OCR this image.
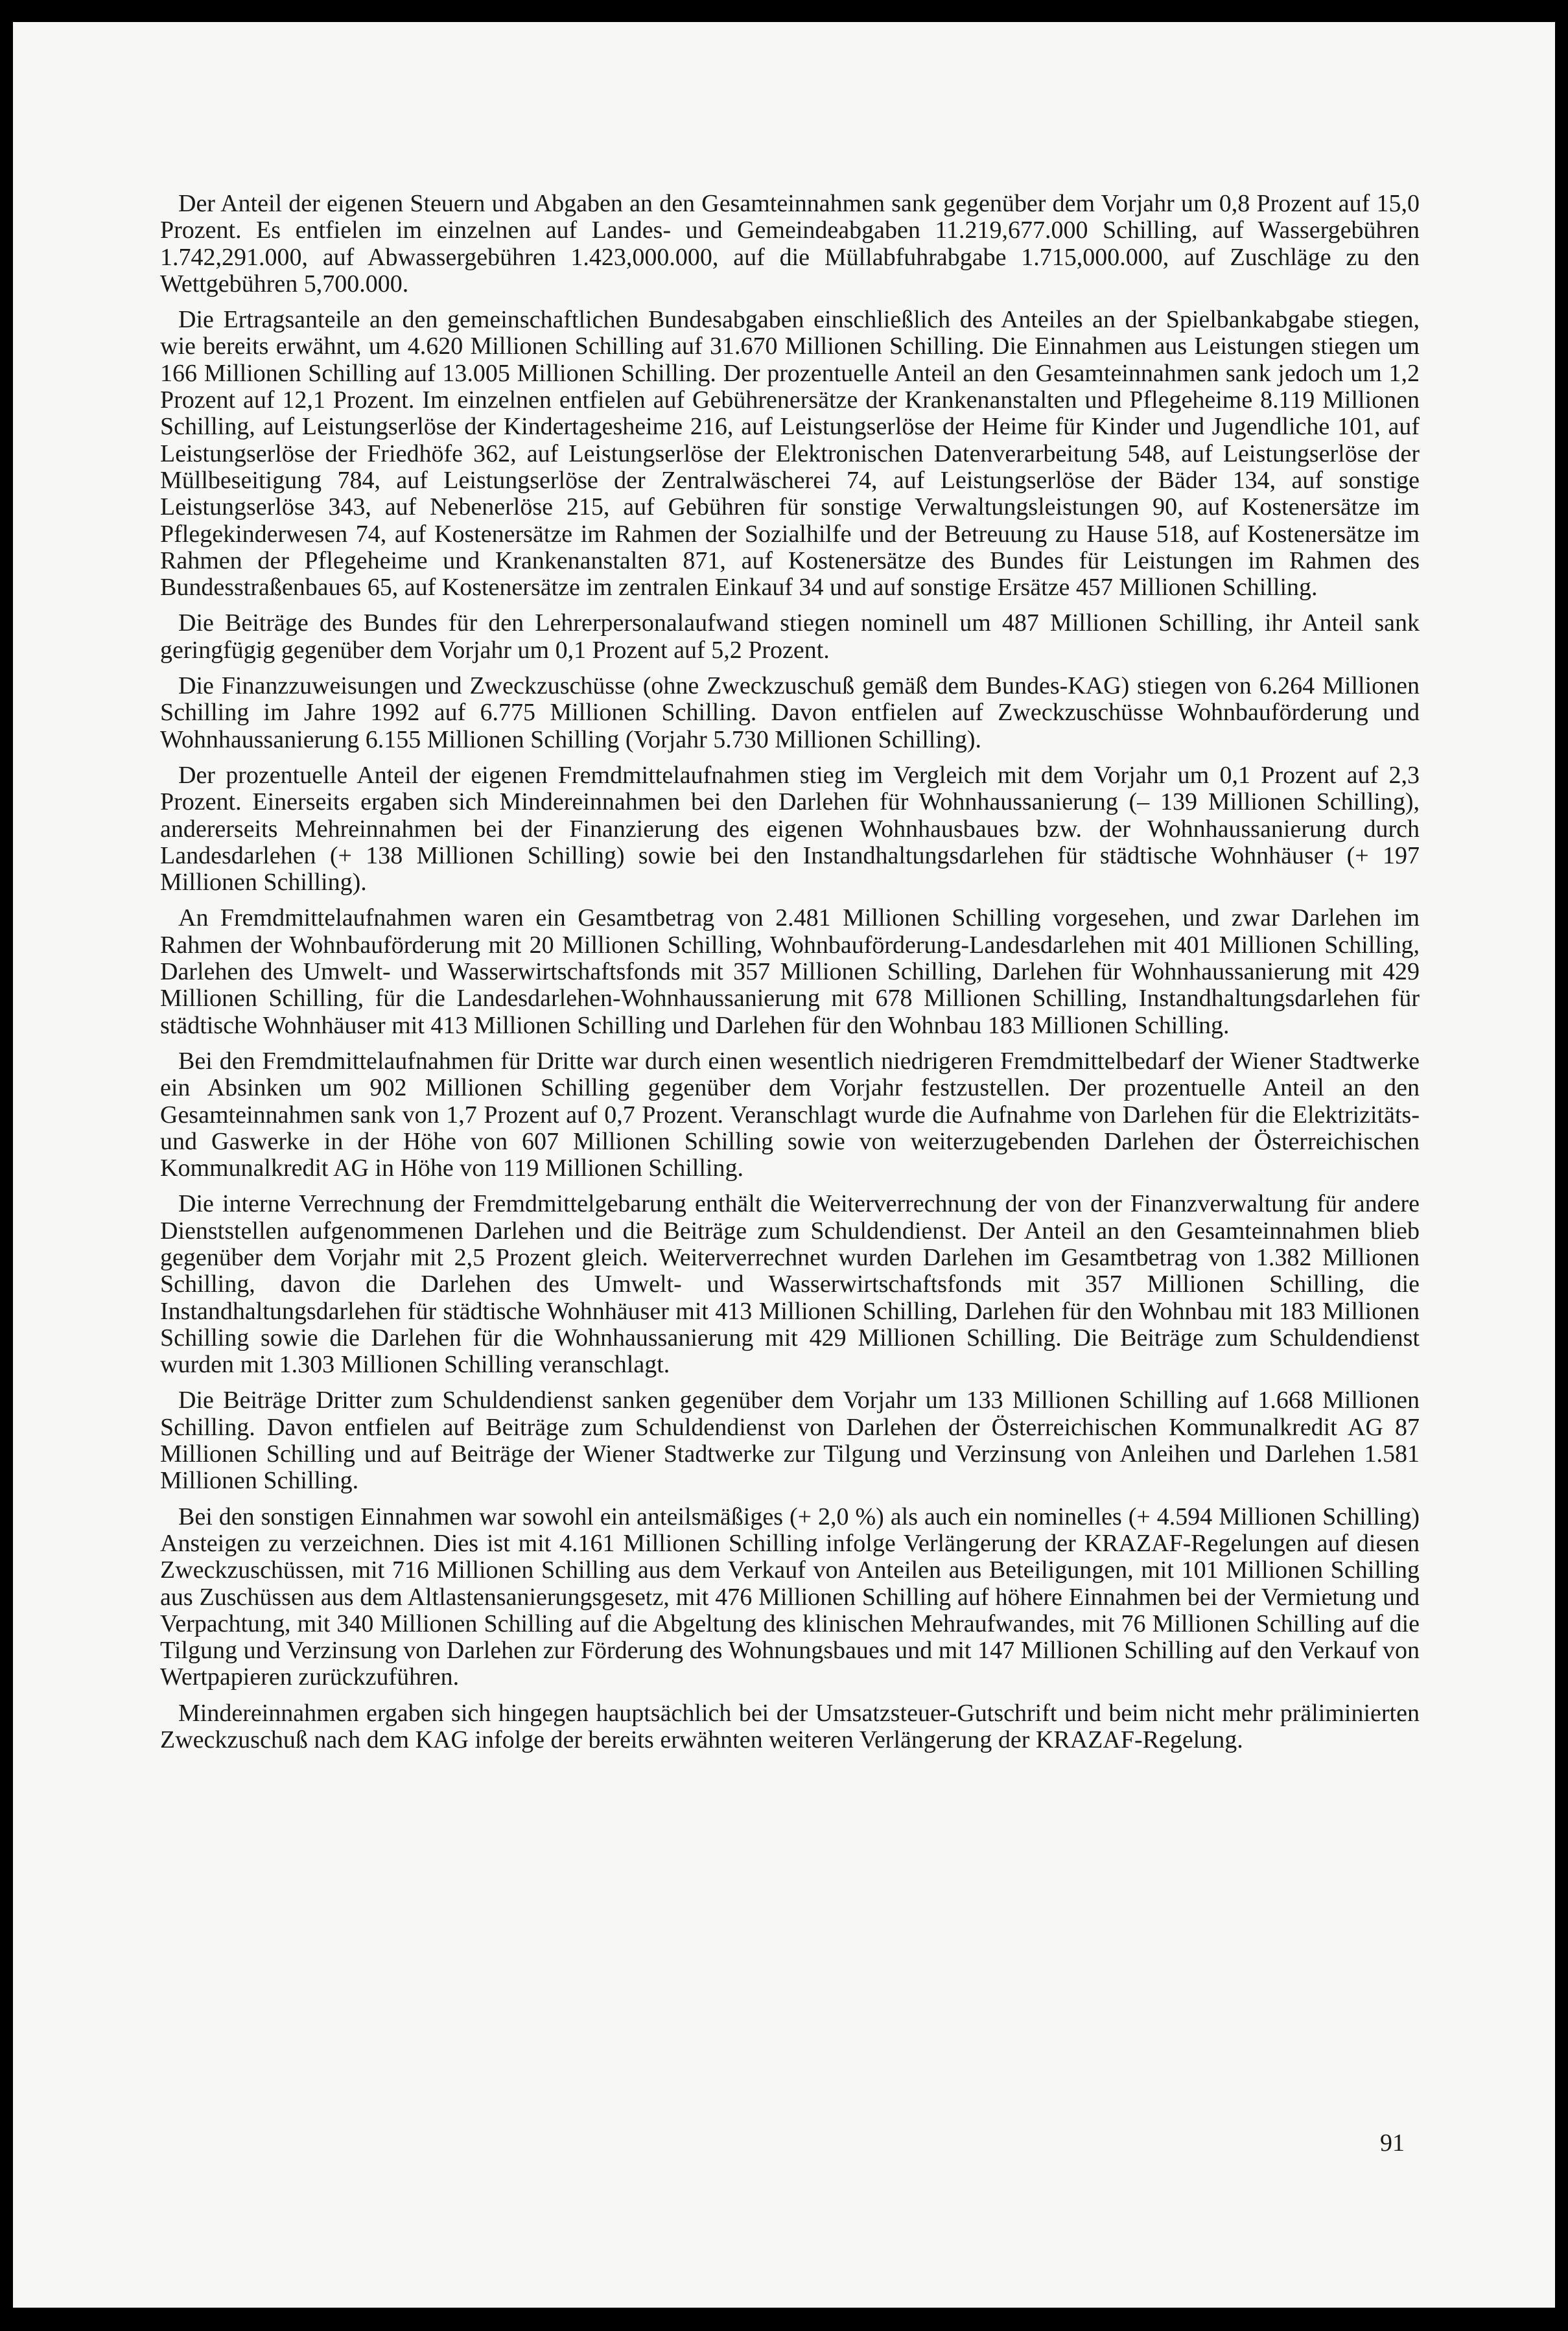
Der Anteil der eigenen Steuern und Abgaben an den Gesamteinnahmen sank gegenüber dem Vorjahr um 0,8 Prozent auf 15,0 Prozent. Es entfielen im einzelnen auf Landes- und Gemeindeabgaben 11.219,677.000 Schilling, auf Wassergebühren 1.742,291.000, auf Abwassergebühren 1.423,000.000, auf die Müllabfuhrabgabe 1.715,000.000, auf Zuschläge zu den Wettgebühren 5,700.000.

Die Ertragsanteile an den gemeinschaftlichen Bundesabgaben einschließlich des Anteiles an der Spielbankabgabe stiegen, wie bereits erwähnt, um 4.620 Millionen Schilling auf 31.670 Millionen Schilling. Die Einnahmen aus Leistungen stiegen um 166 Millionen Schilling auf 13.005 Millionen Schilling. Der prozentuelle Anteil an den Gesamteinnahmen sank jedoch um 1,2 Prozent auf 12,1 Prozent. Im einzelnen entfielen auf Gebührenersätze der Krankenanstalten und Pflegeheime 8.119 Millionen Schilling, auf Leistungserlöse der Kindertagesheime 216, auf Leistungserlöse der Heime für Kinder und Jugendliche 101, auf Leistungserlöse der Friedhöfe 362, auf Leistungserlöse der Elektronischen Datenverarbeitung 548, auf Leistungserlöse der Müllbeseitigung 784, auf Leistungserlöse der Zentralwäscherei 74, auf Leistungserlöse der Bäder 134, auf sonstige Leistungserlöse 343, auf Nebenerlöse 215, auf Gebühren für sonstige Verwaltungsleistungen 90, auf Kostenersätze im Pflegekinderwesen 74, auf Kostenersätze im Rahmen der Sozialhilfe und der Betreuung zu Hause 518, auf Kostenersätze im Rahmen der Pflegeheime und Krankenanstalten 871, auf Kostenersätze des Bundes für Leistungen im Rahmen des Bundesstraßenbaues 65, auf Kostenersätze im zentralen Einkauf 34 und auf sonstige Ersätze 457 Millionen Schilling.

Die Beiträge des Bundes für den Lehrerpersonalaufwand stiegen nominell um 487 Millionen Schilling, ihr Anteil sank geringfügig gegenüber dem Vorjahr um 0,1 Prozent auf 5,2 Prozent.

Die Finanzzuweisungen und Zweckzuschüsse (ohne Zweckzuschuß gemäß dem Bundes-KAG) stiegen von 6.264 Millionen Schilling im Jahre 1992 auf 6.775 Millionen Schilling. Davon entfielen auf Zweckzuschüsse Wohnbauförderung und Wohnhaussanierung 6.155 Millionen Schilling (Vorjahr 5.730 Millionen Schilling).

Der prozentuelle Anteil der eigenen Fremdmittelaufnahmen stieg im Vergleich mit dem Vorjahr um 0,1 Prozent auf 2,3 Prozent. Einerseits ergaben sich Mindereinnahmen bei den Darlehen für Wohnhaussanierung (– 139 Millionen Schilling), andererseits Mehreinnahmen bei der Finanzierung des eigenen Wohnhausbaues bzw. der Wohnhaussanierung durch Landesdarlehen (+ 138 Millionen Schilling) sowie bei den Instandhaltungsdarlehen für städtische Wohnhäuser (+ 197 Millionen Schilling).

An Fremdmittelaufnahmen waren ein Gesamtbetrag von 2.481 Millionen Schilling vorgesehen, und zwar Darlehen im Rahmen der Wohnbauförderung mit 20 Millionen Schilling, Wohnbauförderung-Landesdarlehen mit 401 Millionen Schilling, Darlehen des Umwelt- und Wasserwirtschaftsfonds mit 357 Millionen Schilling, Darlehen für Wohnhaussanierung mit 429 Millionen Schilling, für die Landesdarlehen-Wohnhaussanierung mit 678 Millionen Schilling, Instandhaltungsdarlehen für städtische Wohnhäuser mit 413 Millionen Schilling und Darlehen für den Wohnbau 183 Millionen Schilling.

Bei den Fremdmittelaufnahmen für Dritte war durch einen wesentlich niedrigeren Fremdmittelbedarf der Wiener Stadtwerke ein Absinken um 902 Millionen Schilling gegenüber dem Vorjahr festzustellen. Der prozentuelle Anteil an den Gesamteinnahmen sank von 1,7 Prozent auf 0,7 Prozent. Veranschlagt wurde die Aufnahme von Darlehen für die Elektrizitäts- und Gaswerke in der Höhe von 607 Millionen Schilling sowie von weiterzugebenden Darlehen der Österreichischen Kommunalkredit AG in Höhe von 119 Millionen Schilling.

Die interne Verrechnung der Fremdmittelgebarung enthält die Weiterverrechnung der von der Finanzverwaltung für andere Dienststellen aufgenommenen Darlehen und die Beiträge zum Schuldendienst. Der Anteil an den Gesamteinnahmen blieb gegenüber dem Vorjahr mit 2,5 Prozent gleich. Weiterverrechnet wurden Darlehen im Gesamtbetrag von 1.382 Millionen Schilling, davon die Darlehen des Umwelt- und Wasserwirtschaftsfonds mit 357 Millionen Schilling, die Instandhaltungsdarlehen für städtische Wohnhäuser mit 413 Millionen Schilling, Darlehen für den Wohnbau mit 183 Millionen Schilling sowie die Darlehen für die Wohnhaussanierung mit 429 Millionen Schilling. Die Beiträge zum Schuldendienst wurden mit 1.303 Millionen Schilling veranschlagt.

Die Beiträge Dritter zum Schuldendienst sanken gegenüber dem Vorjahr um 133 Millionen Schilling auf 1.668 Millionen Schilling. Davon entfielen auf Beiträge zum Schuldendienst von Darlehen der Österreichischen Kommunalkredit AG 87 Millionen Schilling und auf Beiträge der Wiener Stadtwerke zur Tilgung und Verzinsung von Anleihen und Darlehen 1.581 Millionen Schilling.

Bei den sonstigen Einnahmen war sowohl ein anteilsmäßiges (+ 2,0 %) als auch ein nominelles (+ 4.594 Millionen Schilling) Ansteigen zu verzeichnen. Dies ist mit 4.161 Millionen Schilling infolge Verlängerung der KRAZAF-Regelungen auf diesen Zweckzuschüssen, mit 716 Millionen Schilling aus dem Verkauf von Anteilen aus Beteiligungen, mit 101 Millionen Schilling aus Zuschüssen aus dem Altlastensanierungsgesetz, mit 476 Millionen Schilling auf höhere Einnahmen bei der Vermietung und Verpachtung, mit 340 Millionen Schilling auf die Abgeltung des klinischen Mehraufwandes, mit 76 Millionen Schilling auf die Tilgung und Verzinsung von Darlehen zur Förderung des Wohnungsbaues und mit 147 Millionen Schilling auf den Verkauf von Wertpapieren zurückzuführen.

Mindereinnahmen ergaben sich hingegen hauptsächlich bei der Umsatzsteuer-Gutschrift und beim nicht mehr präliminierten Zweckzuschuß nach dem KAG infolge der bereits erwähnten weiteren Verlängerung der KRAZAF-Regelung.

91
